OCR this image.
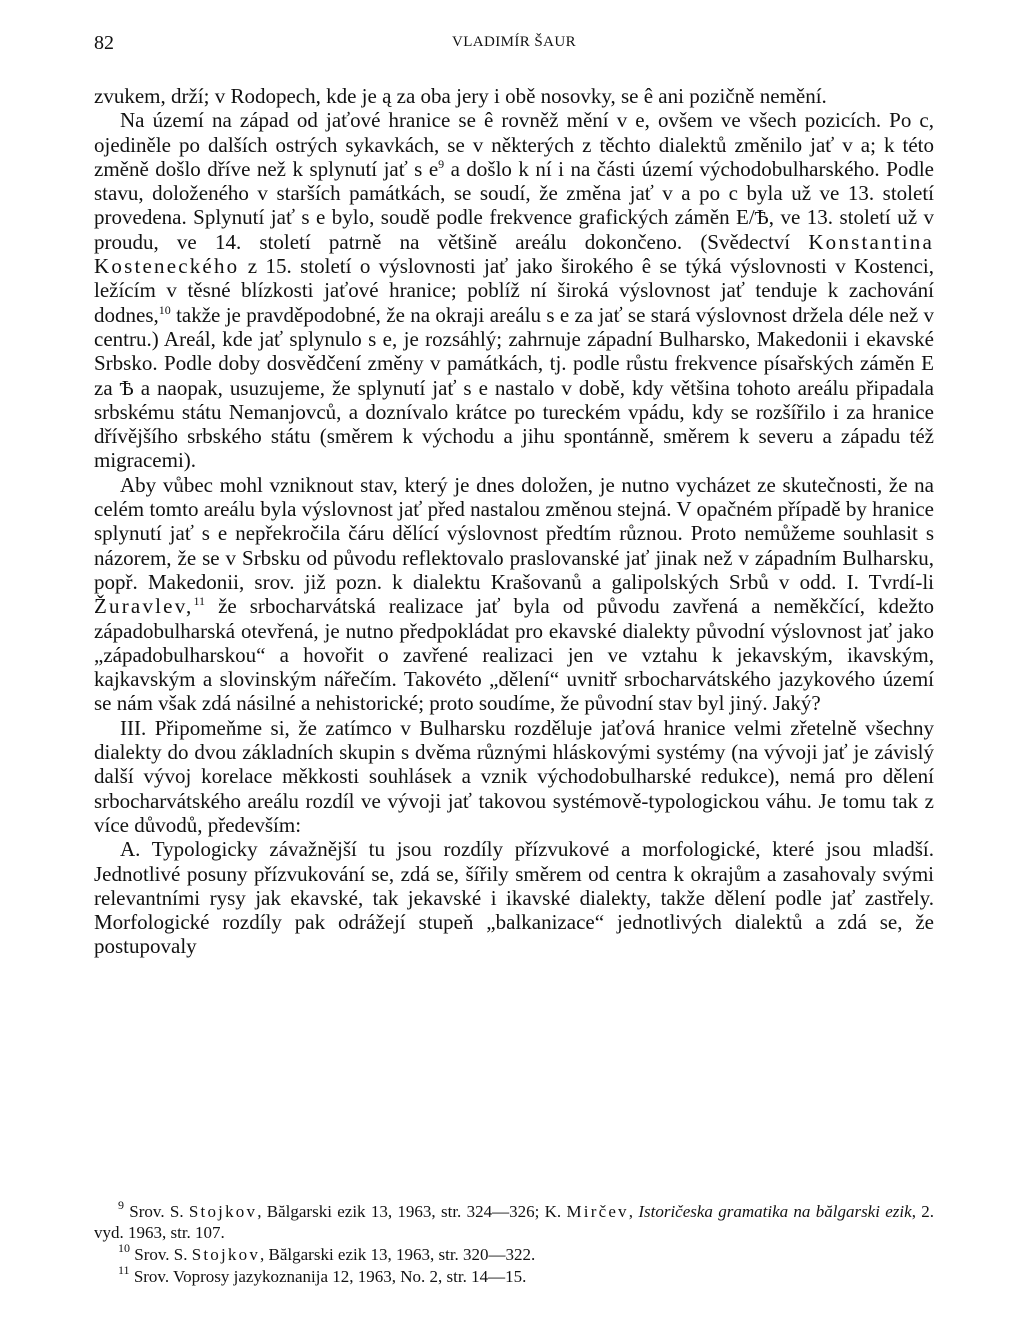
82	VLADIMÍR ŠAUR

zvukem, drží; v Rodopech, kde je ą za oba jery i obě nosovky, se ê ani pozičně nemění.

Na území na západ od jaťové hranice se ê rovněž mění v e, ovšem ve všech pozicích. Po c, ojediněle po dalších ostrých sykavkách, se v některých z těchto dialektů změnilo jať v a; k této změně došlo dříve než k splynutí jať s $e^9$ a došlo k ní i na části území východobulharského. Podle stavu, doloženého v starších památkách, se soudí, že změna jať v a po c byla už ve 13. století provedena. Splynutí jať s e bylo, soudě podle frekvence grafických záměn E/Ѣ, ve 13. století už v proudu, ve 14. století patrně na většině areálu dokončeno. (Svědectví Konstantina Kosteneckého z 15. století o výslovnosti jať jako širokého ê se týká výslovnosti v Kostenci, ležícím v těsné blízkosti jaťové hranice; poblíž ní široká výslovnost jať tenduje k zachování dodnes,$^{10}$ takže je pravděpodobné, že na okraji areálu s e za jať se stará výslovnost držela déle než v centru.) Areál, kde jať splynulo s e, je rozsáhlý; zahrnuje západní Bulharsko, Makedonii i ekavské Srbsko. Podle doby dosvědčení změny v památkách, tj. podle růstu frekvence písařských záměn E za Ѣ a naopak, usuzujeme, že splynutí jať s e nastalo v době, kdy většina tohoto areálu připadala srbskému státu Nemanjovců, a doznívalo krátce po tureckém vpádu, kdy se rozšířilo i za hranice dřívějšího srbského státu (směrem k východu a jihu spontánně, směrem k severu a západu též migracemi).

Aby vůbec mohl vzniknout stav, který je dnes doložen, je nutno vycházet ze skutečnosti, že na celém tomto areálu byla výslovnost jať před nastalou změnou stejná. V opačném případě by hranice splynutí jať s e nepřekročila čáru dělící výslovnost předtím různou. Proto nemůžeme souhlasit s názorem, že se v Srbsku od původu reflektovalo praslovanské jať jinak než v západním Bulharsku, popř. Makedonii, srov. již pozn. k dialektu Krašovanů a galipolských Srbů v odd. I. Tvrdí-li Žuravlev,$^{11}$ že srbocharvátská realizace jať byla od původu zavřená a neměkčící, kdežto západobulharská otevřená, je nutno předpokládat pro ekavské dialekty původní výslovnost jať jako „západobulharskou“ a hovořit o zavřené realizaci jen ve vztahu k jekavským, ikavským, kajkavským a slovinským nářečím. Takovéto „dělení“ uvnitř srbocharvátského jazykového území se nám však zdá násilné a nehistorické; proto soudíme, že původní stav byl jiný. Jaký?

III. Připomeňme si, že zatímco v Bulharsku rozděluje jaťová hranice velmi zřetelně všechny dialekty do dvou základních skupin s dvěma různými hláskovými systémy (na vývoji jať je závislý další vývoj korelace měkkosti souhlásek a vznik východobulharské redukce), nemá pro dělení srbocharvátského areálu rozdíl ve vývoji jať takovou systémově-typologickou váhu. Je tomu tak z více důvodů, především:

A. Typologicky závažnější tu jsou rozdíly přízvukové a morfologické, které jsou mladší. Jednotlivé posuny přízvukování se, zdá se, šířily směrem od centra k okrajům a zasahovaly svými relevantními rysy jak ekavské, tak jekavské i ikavské dialekty, takže dělení podle jať zastřely. Morfologické rozdíly pak odrážejí stupeň „balkanizace“ jednotlivých dialektů a zdá se, že postupovaly

$^9$ Srov. S. Stojkov, Bălgarski ezik 13, 1963, str. 324—326; K. Mirčev, Istoričeska gramatika na bălgarski ezik, 2. vyd. 1963, str. 107.

$^{10}$ Srov. S. Stojkov, Bălgarski ezik 13, 1963, str. 320—322.

$^{11}$ Srov. Voprosy jazykoznanija 12, 1963, No. 2, str. 14—15.
